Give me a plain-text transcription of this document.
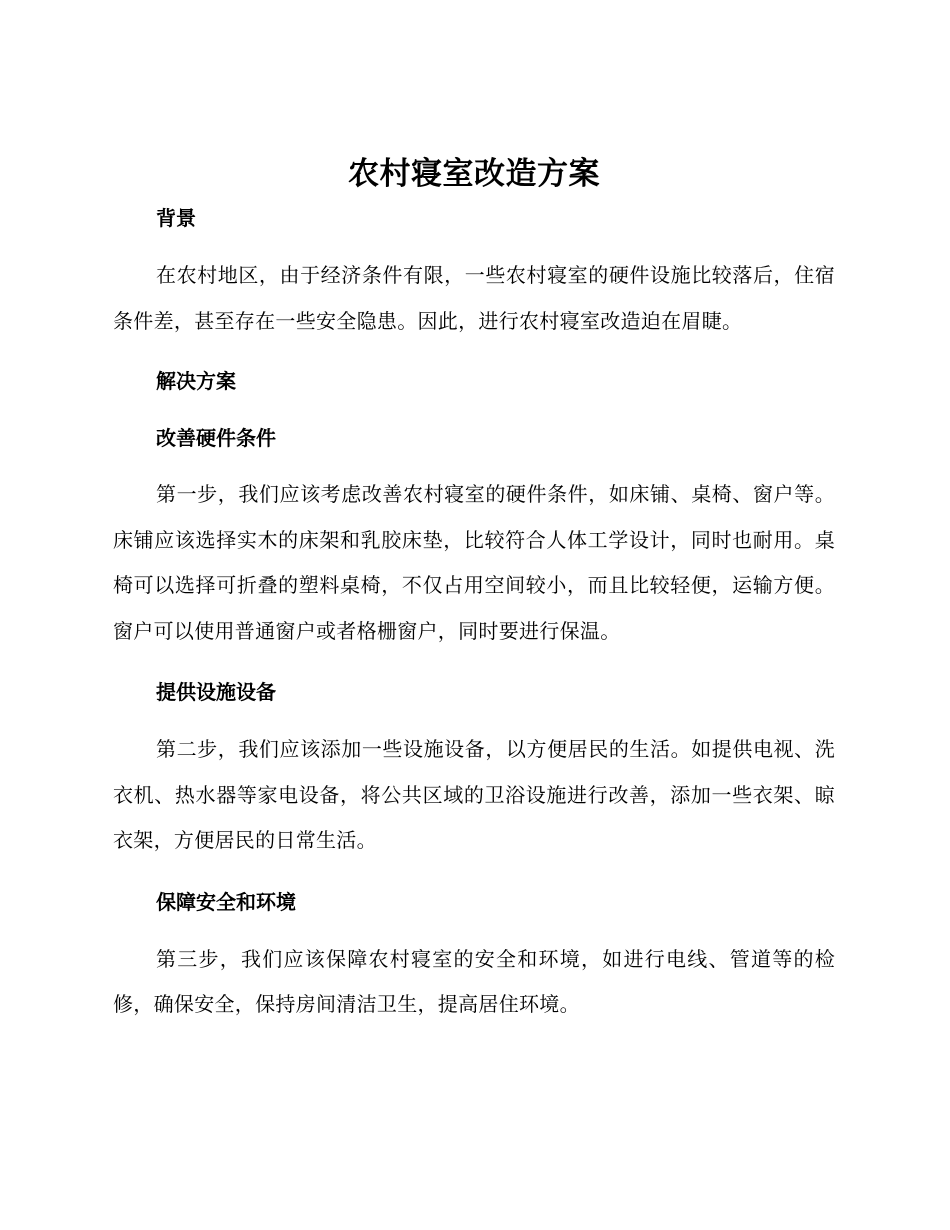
农村寝室改造方案
背景

在农村地区，由于经济条件有限，一些农村寝室的硬件设施比较落后，住宿条件差，甚至存在一些安全隐患。因此，进行农村寝室改造迫在眉睫。

解决方案
改善硬件条件

第一步，我们应该考虑改善农村寝室的硬件条件，如床铺、桌椅、窗户等。床铺应该选择实木的床架和乳胶床垫，比较符合人体工学设计，同时也耐用。桌椅可以选择可折叠的塑料桌椅，不仅占用空间较小，而且比较轻便，运输方便。窗户可以使用普通窗户或者格栅窗户，同时要进行保温。

提供设施设备

第二步，我们应该添加一些设施设备，以方便居民的生活。如提供电视、洗衣机、热水器等家电设备，将公共区域的卫浴设施进行改善，添加一些衣架、晾衣架，方便居民的日常生活。

保障安全和环境

第三步，我们应该保障农村寝室的安全和环境，如进行电线、管道等的检修，确保安全，保持房间清洁卫生，提高居住环境。
